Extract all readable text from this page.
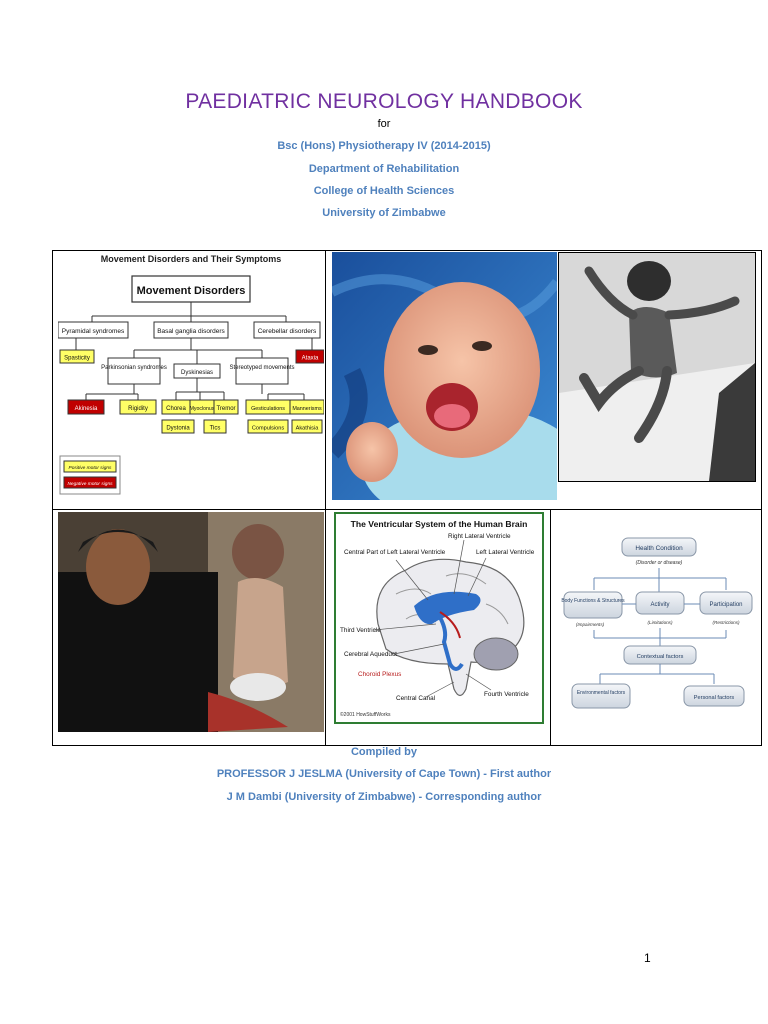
PAEDIATRIC NEUROLOGY HANDBOOK
for
Bsc (Hons) Physiotherapy IV (2014-2015)
Department of Rehabilitation
College of Health Sciences
University of Zimbabwe
Movement Disorders and Their Symptoms
Movement Disorders
Pyramidal syndromes	Basal ganglia disorders	Cerebellar disorders
Spasticity	Ataxia
Parkinsonian syndromes
Dyskinesias
Stereotyped movements
Akinesia	Rigidity	Chorea Myoclonus Tremor
Dystonia	Tics
Gesticulations Mannerisms
Compulsions Akathisia
Positive motor signs
Negative motor signs
The Ventricular System of the Human Brain
Right Lateral Ventricle
Central Part of Left Lateral Ventricle	Left Lateral Ventricle
Third Ventricle
Cerebral Aqueduct
Choroid Plexus
Central Canal
Fourth Ventricle
©2001 HowStuffWorks
Health Condition
(Disorder or disease)
Body Functions & Structures
Activity	Participation
(Impairments)	(Limitations)	(Restrictions)
Contextual factors
Environmental factors
Personal factors
Compiled by
PROFESSOR J JESLMA (University of Cape Town) - First author
J M Dambi (University of Zimbabwe) - Corresponding author
1
